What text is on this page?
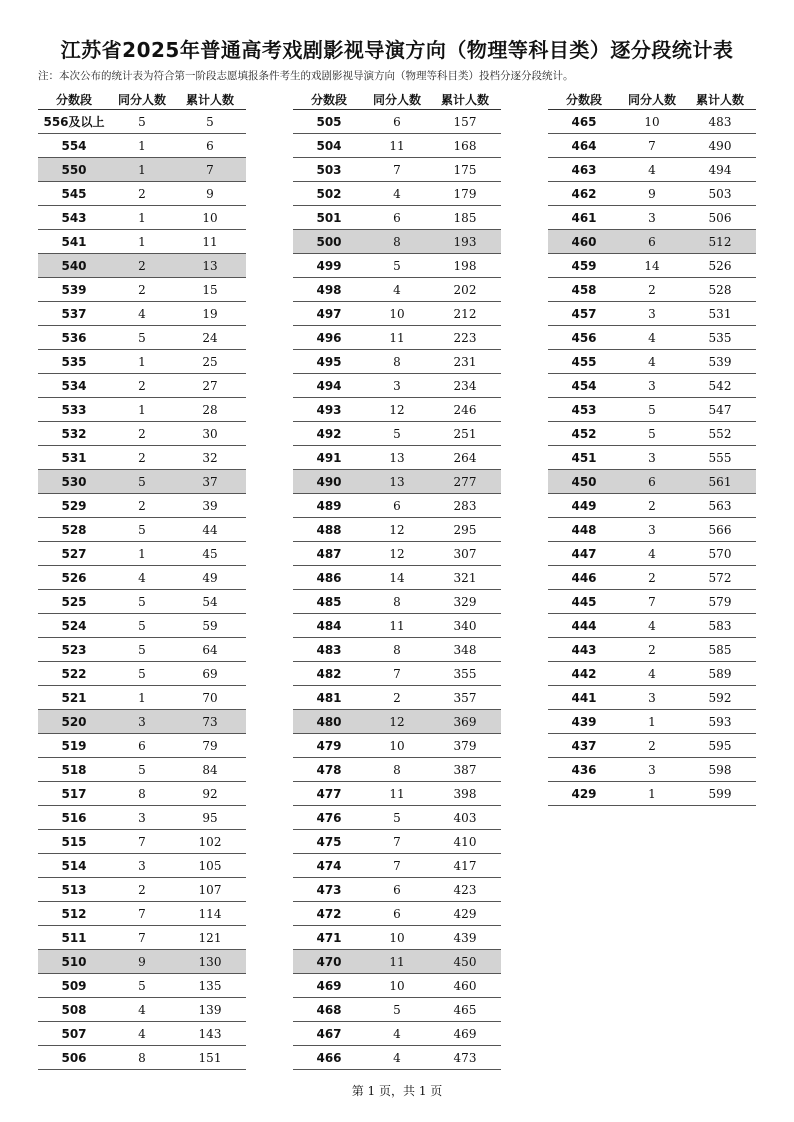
江苏省2025年普通高考戏剧影视导演方向（物理等科目类）逐分段统计表
注：本次公布的统计表为符合第一阶段志愿填报条件考生的戏剧影视导演方向（物理等科目类）投档分逐分段统计。
分数段	同分人数	累计人数
556及以上	5	5
554	1	6
550	1	7
545	2	9
543	1	10
541	1	11
540	2	13
539	2	15
537	4	19
536	5	24
535	1	25
534	2	27
533	1	28
532	2	30
531	2	32
530	5	37
529	2	39
528	5	44
527	1	45
526	4	49
525	5	54
524	5	59
523	5	64
522	5	69
521	1	70
520	3	73
519	6	79
518	5	84
517	8	92
516	3	95
515	7	102
514	3	105
513	2	107
512	7	114
511	7	121
510	9	130
509	5	135
508	4	139
507	4	143
506	8	151
分数段	同分人数	累计人数
505	6	157
504	11	168
503	7	175
502	4	179
501	6	185
500	8	193
499	5	198
498	4	202
497	10	212
496	11	223
495	8	231
494	3	234
493	12	246
492	5	251
491	13	264
490	13	277
489	6	283
488	12	295
487	12	307
486	14	321
485	8	329
484	11	340
483	8	348
482	7	355
481	2	357
480	12	369
479	10	379
478	8	387
477	11	398
476	5	403
475	7	410
474	7	417
473	6	423
472	6	429
471	10	439
470	11	450
469	10	460
468	5	465
467	4	469
466	4	473
分数段	同分人数	累计人数
465	10	483
464	7	490
463	4	494
462	9	503
461	3	506
460	6	512
459	14	526
458	2	528
457	3	531
456	4	535
455	4	539
454	3	542
453	5	547
452	5	552
451	3	555
450	6	561
449	2	563
448	3	566
447	4	570
446	2	572
445	7	579
444	4	583
443	2	585
442	4	589
441	3	592
439	1	593
437	2	595
436	3	598
429	1	599
第 1 页，共 1 页
